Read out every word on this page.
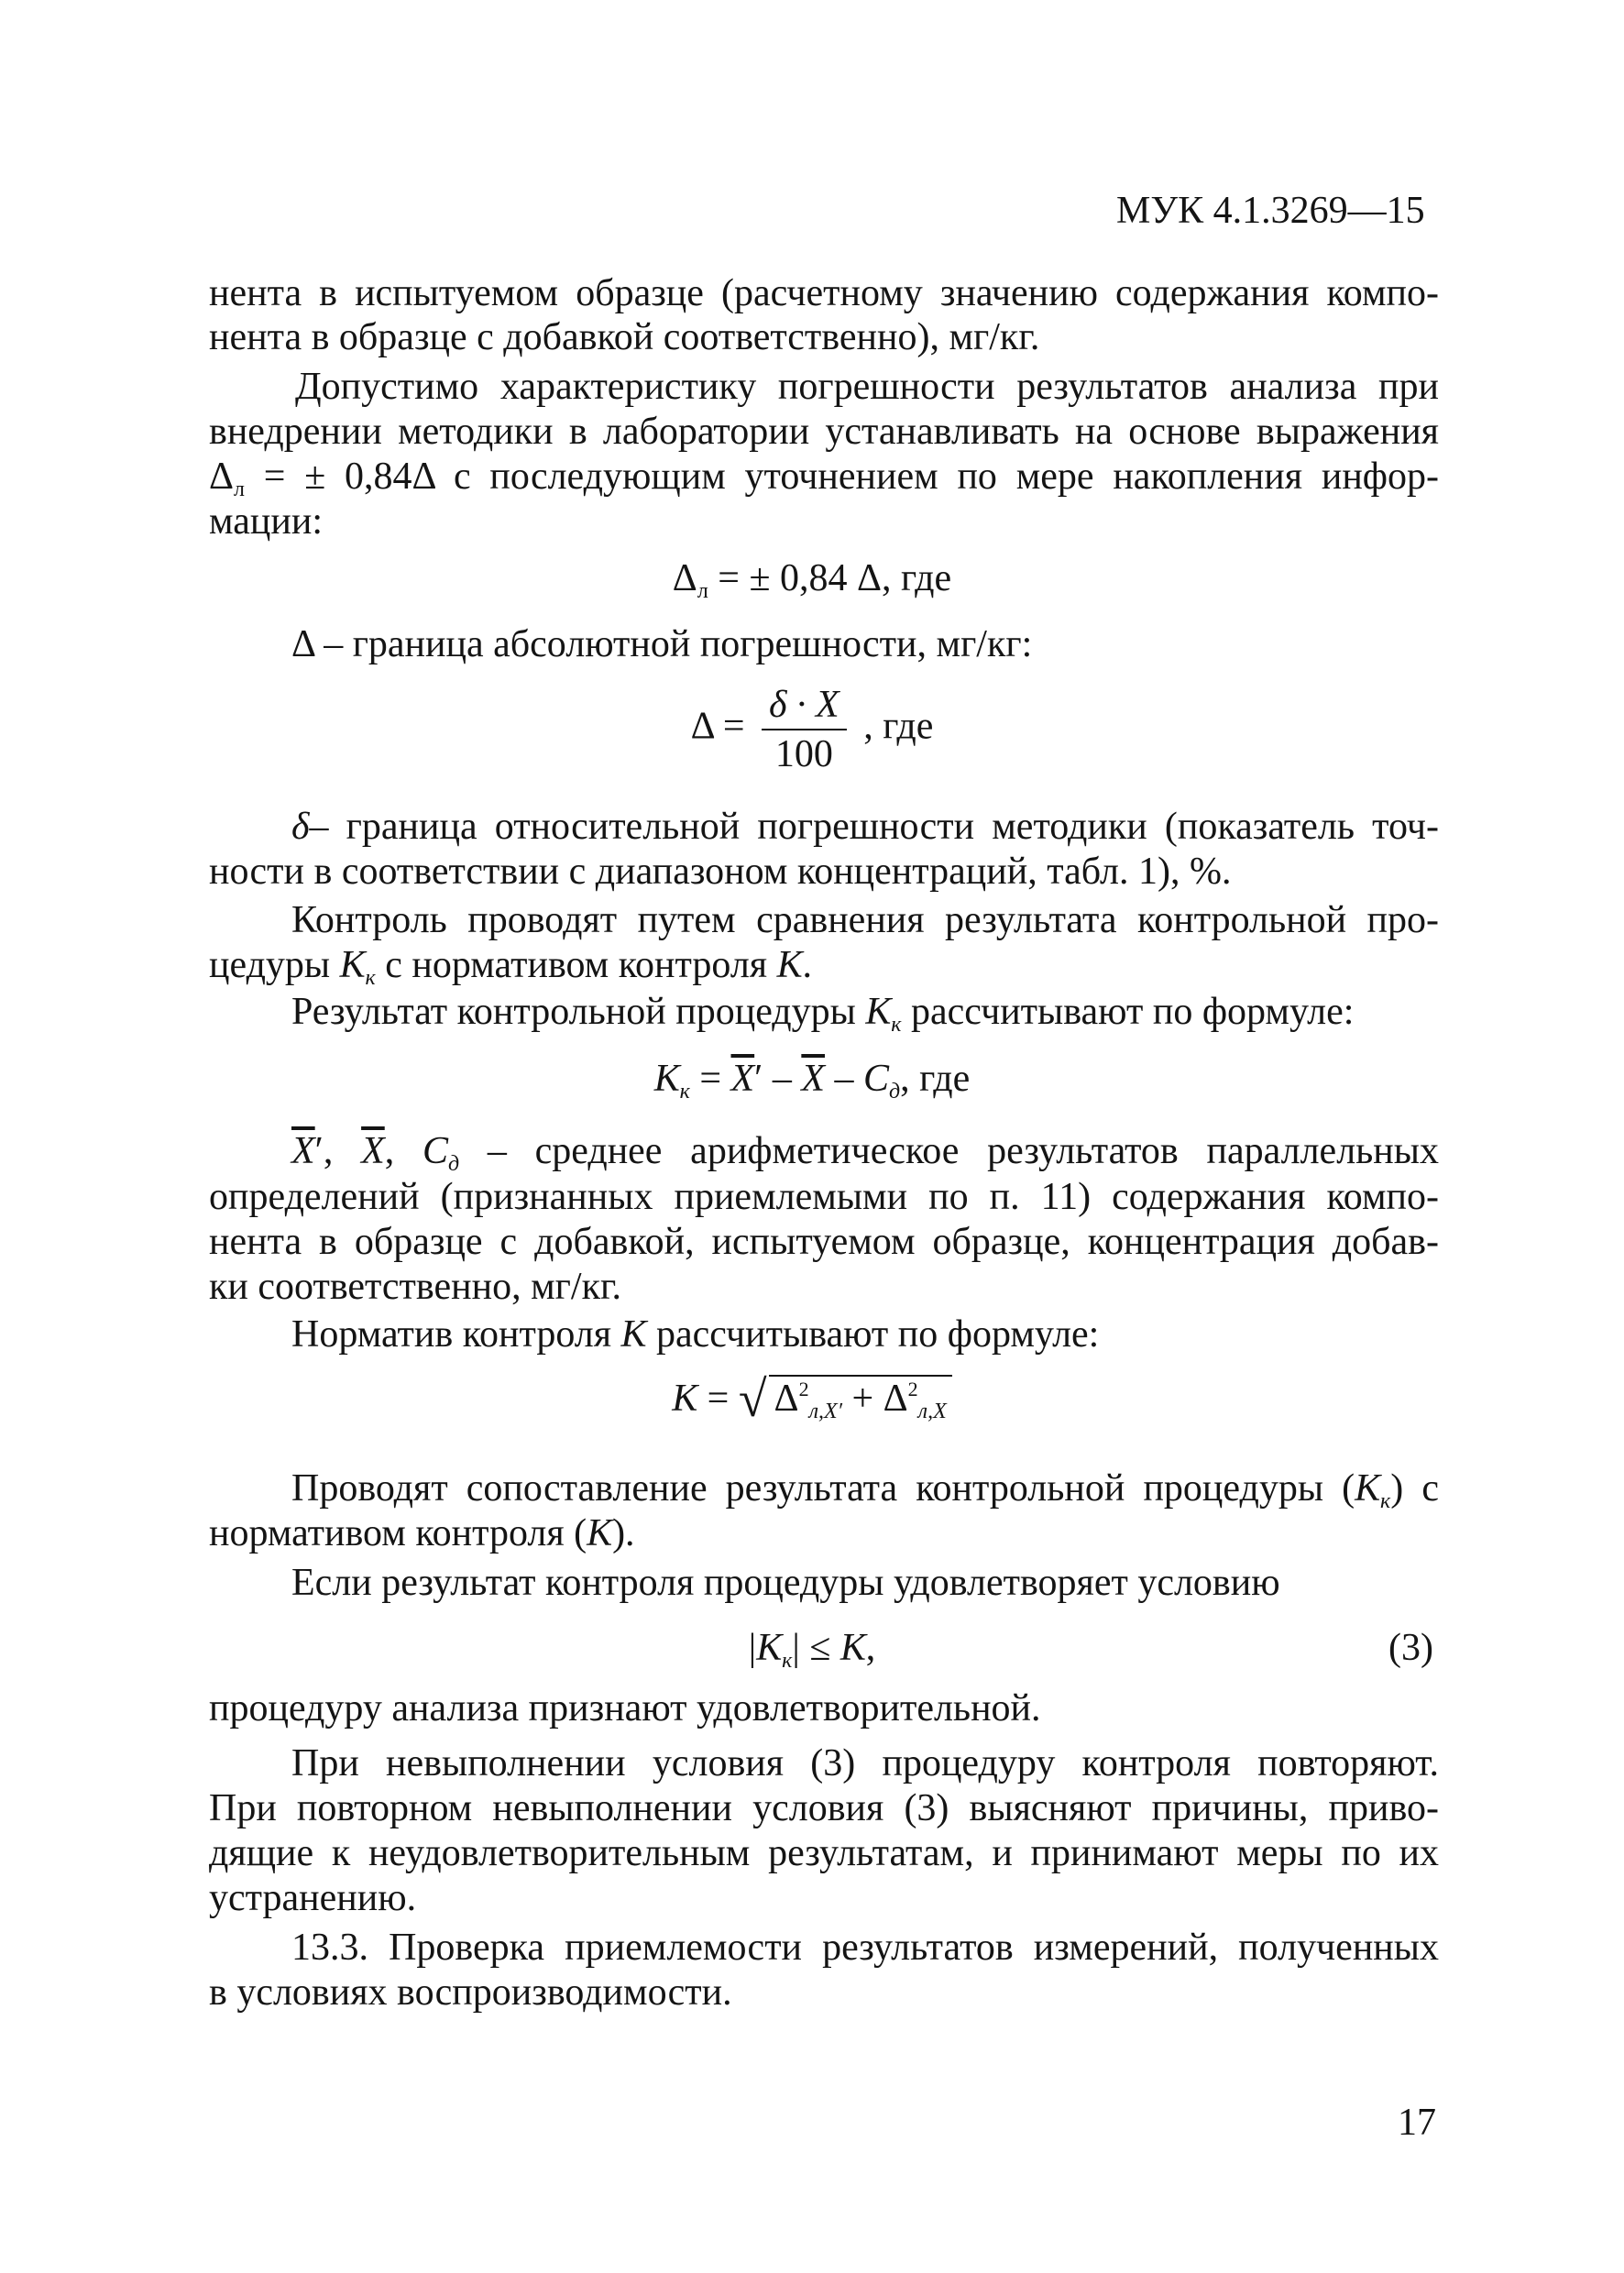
МУК 4.1.3269—15
нента в испытуемом образце (расчетному значению содержания компо-
нента в образце с добавкой соответственно), мг/кг.
Допустимо характеристику погрешности результатов анализа при
внедрении методики в лаборатории устанавливать на основе выражения
$\Delta_л$ = ± 0,84Δ с последующим уточнением по мере накопления инфор-
мации:
$\Delta_л$ = ± 0,84 Δ, где
Δ – граница абсолютной погрешности, мг/кг:
$\Delta = \frac{\delta \cdot X}{100}$ , где
δ– граница относительной погрешности методики (показатель точ-
ности в соответствии с диапазоном концентраций, табл. 1), %.
Контроль проводят путем сравнения результата контрольной про-
цедуры $К_к$ с нормативом контроля К.
Результат контрольной процедуры $К_к$ рассчитывают по формуле:
$К_к = \overline{X}' - \overline{X} - С_д$, где
$\overline{X}'$, $\overline{X}$, $С_д$ – среднее арифметическое результатов параллельных
определений (признанных приемлемыми по п. 11) содержания компо-
нента в образце с добавкой, испытуемом образце, концентрация добав-
ки соответственно, мг/кг.
Норматив контроля К рассчитывают по формуле:
К = √ $\Delta^2_{л,X'} + \Delta^2_{л,X}$
Проводят сопоставление результата контрольной процедуры $(К_к)$ с
нормативом контроля (К).
Если результат контроля процедуры удовлетворяет условию
$|К_к| \le К$,	(3)
процедуру анализа признают удовлетворительной.
При невыполнении условия (3) процедуру контроля повторяют.
При повторном невыполнении условия (3) выясняют причины, приво-
дящие к неудовлетворительным результатам, и принимают меры по их
устранению.
13.3. Проверка приемлемости результатов измерений, полученных
в условиях воспроизводимости.
17
